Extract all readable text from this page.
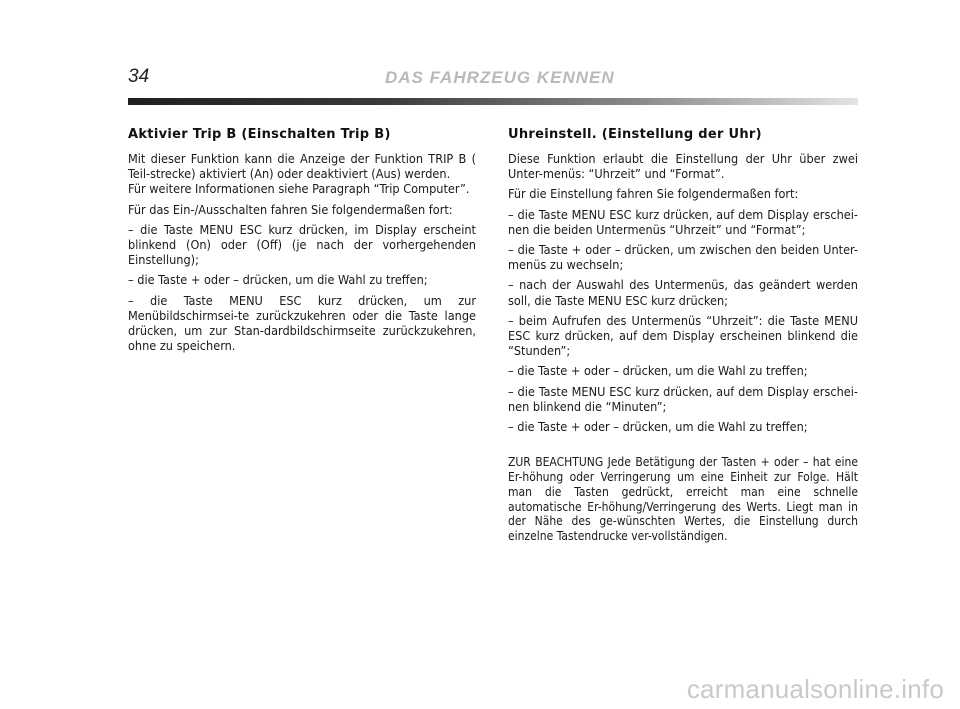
34	DAS FAHRZEUG KENNEN
Aktivier Trip B (Einschalten Trip B)

Mit dieser Funktion kann die Anzeige der Funktion TRIP B ( Teil-strecke) aktiviert (An) oder deaktiviert (Aus) werden.

Für weitere Informationen siehe Paragraph “Trip Computer”.

Für das Ein-/Ausschalten fahren Sie folgendermaßen fort:

– die Taste MENU ESC kurz drücken, im Display erscheint blinkend (On) oder (Off) (je nach der vorhergehenden Einstellung);

– die Taste + oder – drücken, um die Wahl zu treffen;

– die Taste MENU ESC kurz drücken, um zur Menübildschirmsei-te zurückzukehren oder die Taste lange drücken, um zur Stan-dardbildschirmseite zurückzukehren, ohne zu speichern.

Uhreinstell. (Einstellung der Uhr)

Diese Funktion erlaubt die Einstellung der Uhr über zwei Unter-menüs: “Uhrzeit” und “Format”.

Für die Einstellung fahren Sie folgendermaßen fort:

– die Taste MENU ESC kurz drücken, auf dem Display erschei-nen die beiden Untermenüs “Uhrzeit” und “Format”;

– die Taste + oder – drücken, um zwischen den beiden Unter-menüs zu wechseln;

– nach der Auswahl des Untermenüs, das geändert werden soll, die Taste MENU ESC kurz drücken;

– beim Aufrufen des Untermenüs “Uhrzeit”: die Taste MENU ESC kurz drücken, auf dem Display erscheinen blinkend die “Stunden”;

– die Taste + oder – drücken, um die Wahl zu treffen;

– die Taste MENU ESC kurz drücken, auf dem Display erschei-nen blinkend die “Minuten”;

– die Taste + oder – drücken, um die Wahl zu treffen;

ZUR BEACHTUNG Jede Betätigung der Tasten + oder – hat eine Er-höhung oder Verringerung um eine Einheit zur Folge. Hält man die Tasten gedrückt, erreicht man eine schnelle automatische Er-höhung/Verringerung des Werts. Liegt man in der Nähe des ge-wünschten Wertes, die Einstellung durch einzelne Tastendrucke ver-vollständigen.
carmanualsonline.info
